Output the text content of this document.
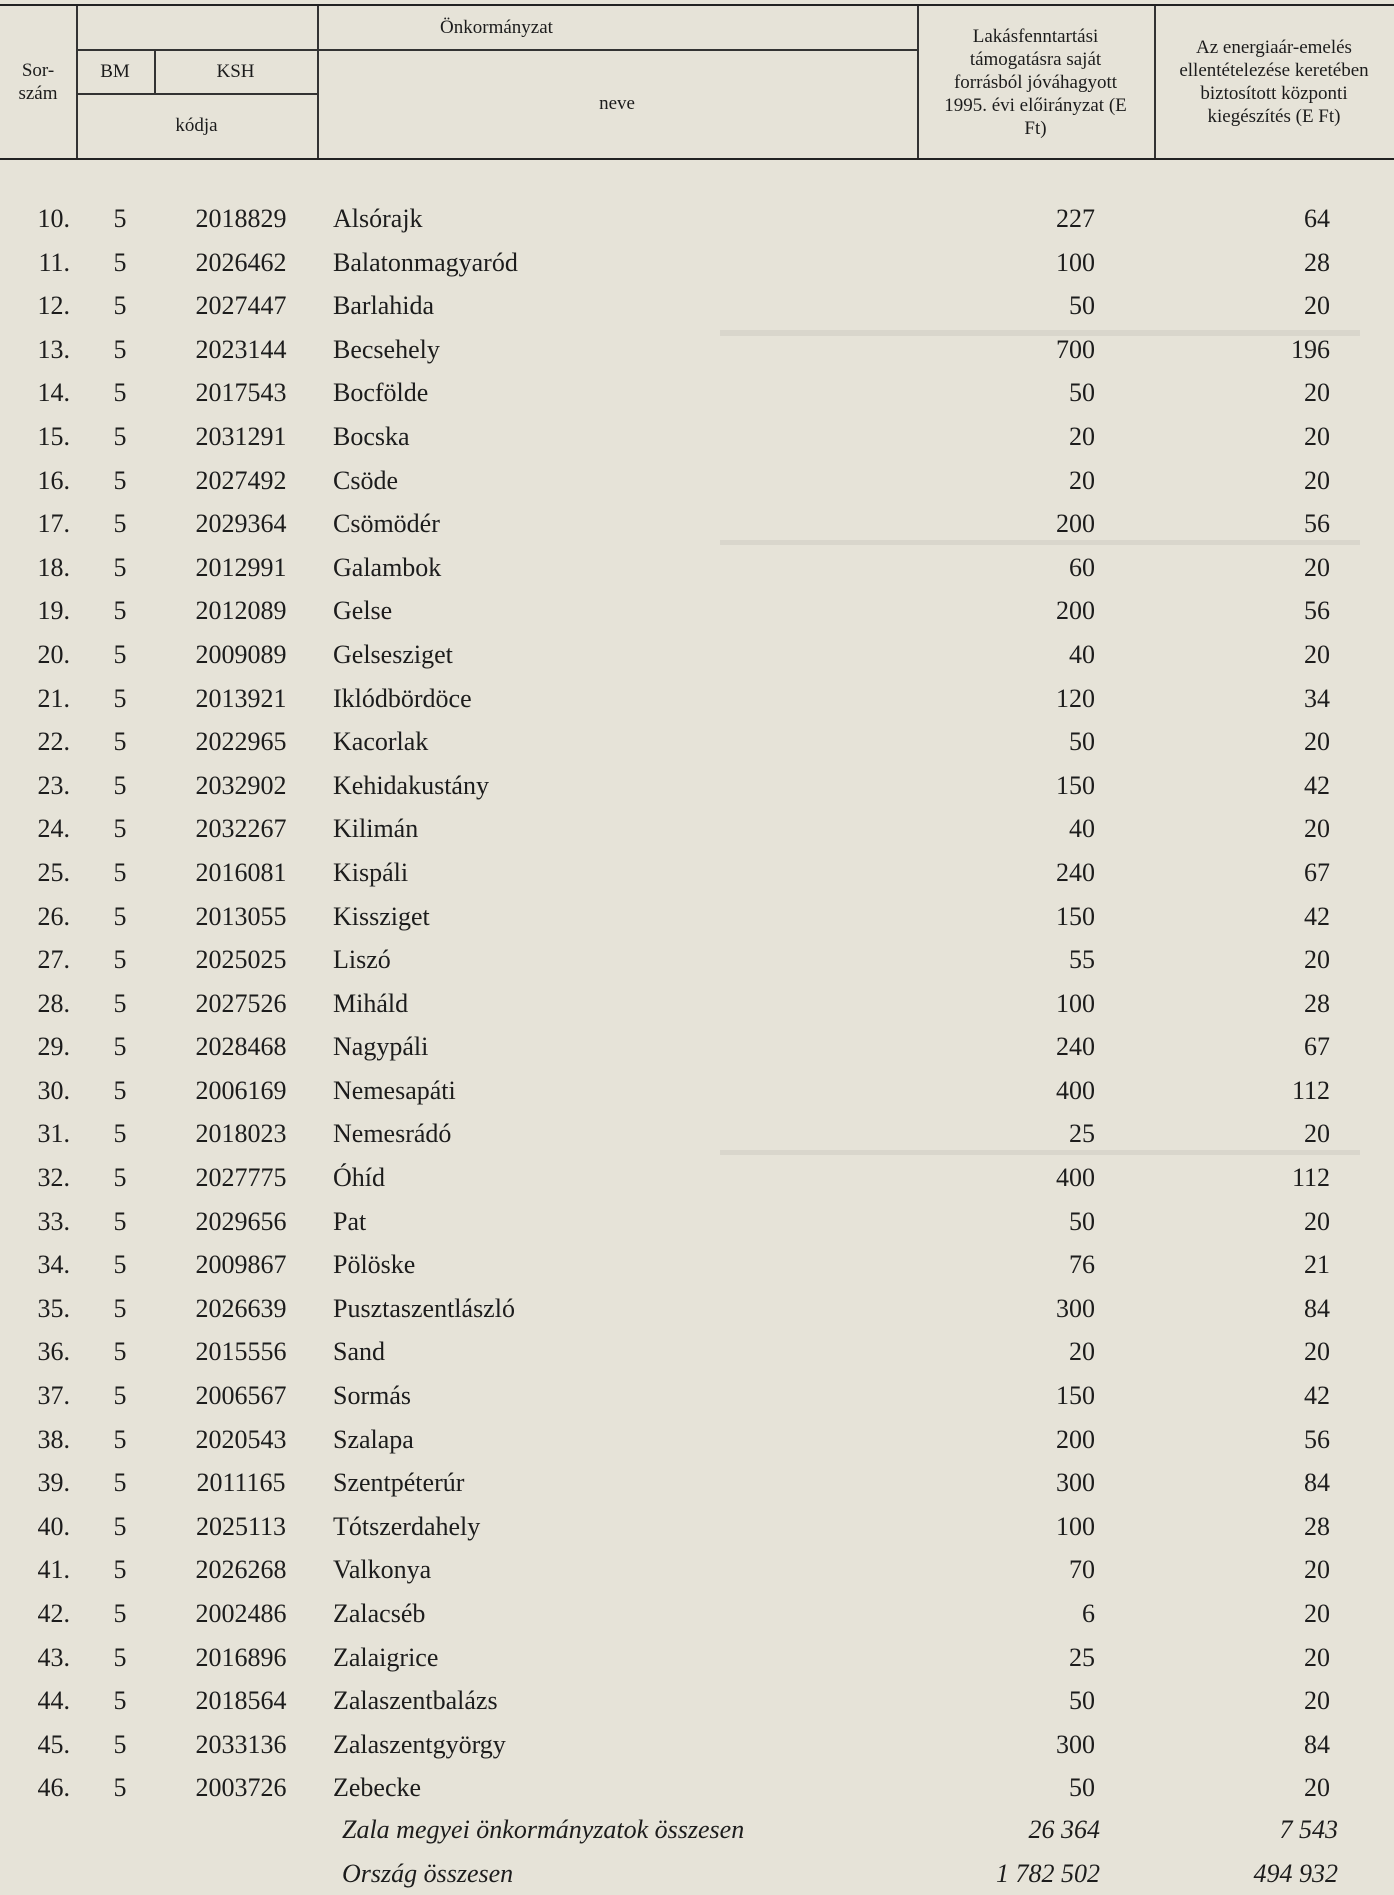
Sor-
szám
Önkormányzat
BM	KSH
kódja
neve
Lakásfenntartási támogatásra saját forrásból jóváhagyott 1995. évi előirányzat (E Ft)
Az energiaár-emelés ellentételezése keretében biztosított központi kiegészítés (E Ft)
10.	5	2018829	Alsórajk	227	64
11.	5	2026462	Balatonmagyaród	100	28
12.	5	2027447	Barlahida	50	20
13.	5	2023144	Becsehely	700	196
14.	5	2017543	Bocfölde	50	20
15.	5	2031291	Bocska	20	20
16.	5	2027492	Csöde	20	20
17.	5	2029364	Csömödér	200	56
18.	5	2012991	Galambok	60	20
19.	5	2012089	Gelse	200	56
20.	5	2009089	Gelsesziget	40	20
21.	5	2013921	Iklódbördöce	120	34
22.	5	2022965	Kacorlak	50	20
23.	5	2032902	Kehidakustány	150	42
24.	5	2032267	Kilimán	40	20
25.	5	2016081	Kispáli	240	67
26.	5	2013055	Kissziget	150	42
27.	5	2025025	Liszó	55	20
28.	5	2027526	Miháld	100	28
29.	5	2028468	Nagypáli	240	67
30.	5	2006169	Nemesapáti	400	112
31.	5	2018023	Nemesrádó	25	20
32.	5	2027775	Óhíd	400	112
33.	5	2029656	Pat	50	20
34.	5	2009867	Pölöske	76	21
35.	5	2026639	Pusztaszentlászló	300	84
36.	5	2015556	Sand	20	20
37.	5	2006567	Sormás	150	42
38.	5	2020543	Szalapa	200	56
39.	5	2011165	Szentpéterúr	300	84
40.	5	2025113	Tótszerdahely	100	28
41.	5	2026268	Valkonya	70	20
42.	5	2002486	Zalacséb	6	20
43.	5	2016896	Zalaigrice	25	20
44.	5	2018564	Zalaszentbalázs	50	20
45.	5	2033136	Zalaszentgyörgy	300	84
46.	5	2003726	Zebecke	50	20
Zala megyei önkormányzatok összesen	26 364	7 543
Ország összesen	1 782 502	494 932
